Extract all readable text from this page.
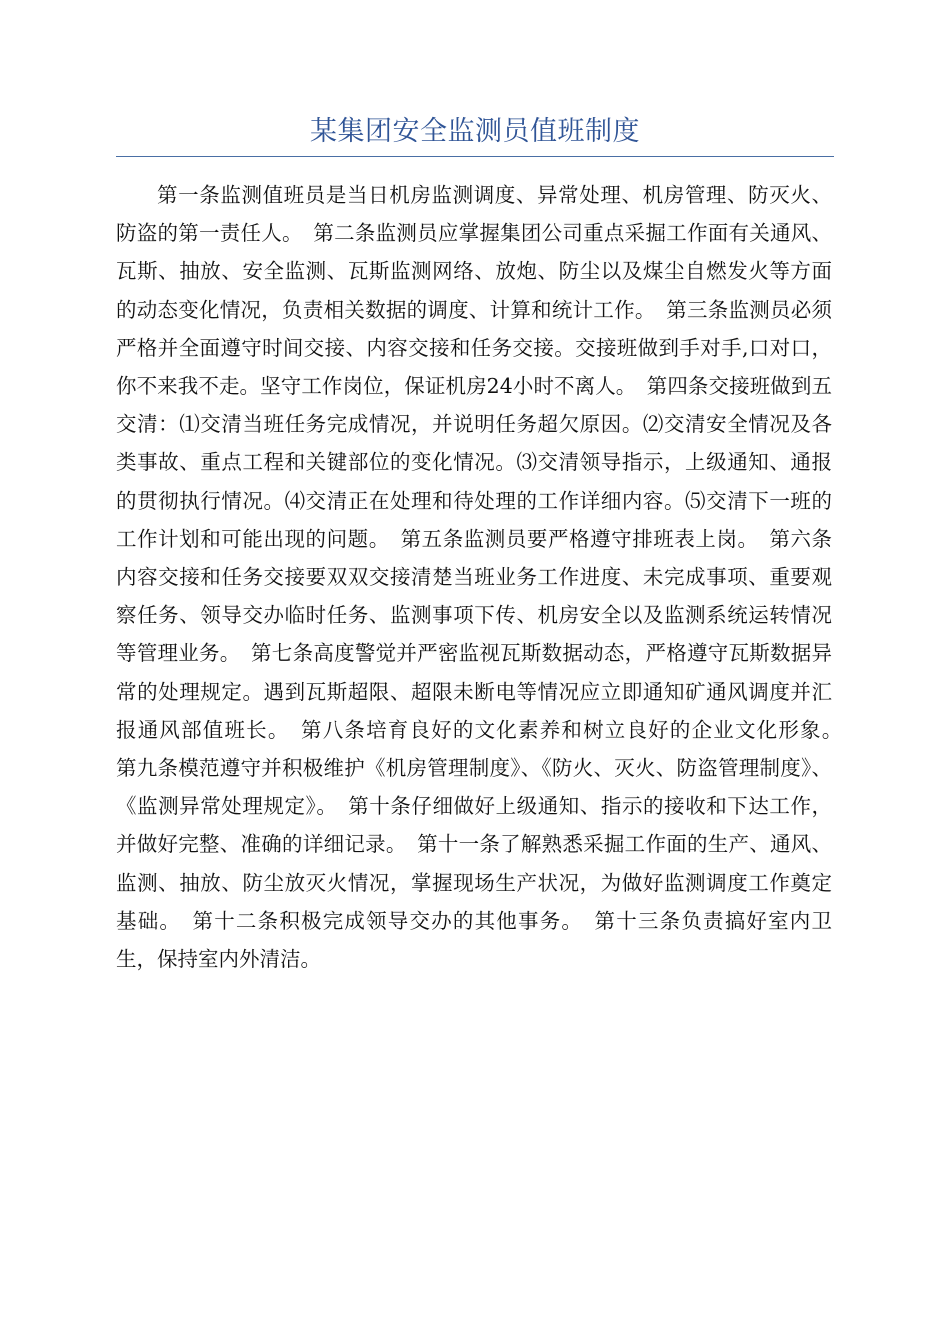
某集团安全监测员值班制度

第一条监测值班员是当日机房监测调度、异常处理、机房管理、防灭火、防盗的第一责任人。　第二条监测员应掌握集团公司重点采掘工作面有关通风、瓦斯、抽放、安全监测、瓦斯监测网络、放炮、防尘以及煤尘自燃发火等方面的动态变化情况，负责相关数据的调度、计算和统计工作。　第三条监测员必须严格并全面遵守时间交接、内容交接和任务交接。交接班做到手对手,口对口，你不来我不走。坚守工作岗位，保证机房24小时不离人。　第四条交接班做到五交清：⑴交清当班任务完成情况，并说明任务超欠原因。⑵交清安全情况及各类事故、重点工程和关键部位的变化情况。⑶交清领导指示，上级通知、通报的贯彻执行情况。⑷交清正在处理和待处理的工作详细内容。⑸交清下一班的工作计划和可能出现的问题。　第五条监测员要严格遵守排班表上岗。　第六条内容交接和任务交接要双双交接清楚当班业务工作进度、未完成事项、重要观察任务、领导交办临时任务、监测事项下传、机房安全以及监测系统运转情况等管理业务。　第七条高度警觉并严密监视瓦斯数据动态，严格遵守瓦斯数据异常的处理规定。遇到瓦斯超限、超限未断电等情况应立即通知矿通风调度并汇报通风部值班长。　第八条培育良好的文化素养和树立良好的企业文化形象。　第九条模范遵守并积极维护《机房管理制度》、《防火、灭火、防盗管理制度》、《监测异常处理规定》。　第十条仔细做好上级通知、指示的接收和下达工作，并做好完整、准确的详细记录。　第十一条了解熟悉采掘工作面的生产、通风、监测、抽放、防尘放灭火情况，掌握现场生产状况，为做好监测调度工作奠定基础。　第十二条积极完成领导交办的其他事务。　第十三条负责搞好室内卫生，保持室内外清洁。
